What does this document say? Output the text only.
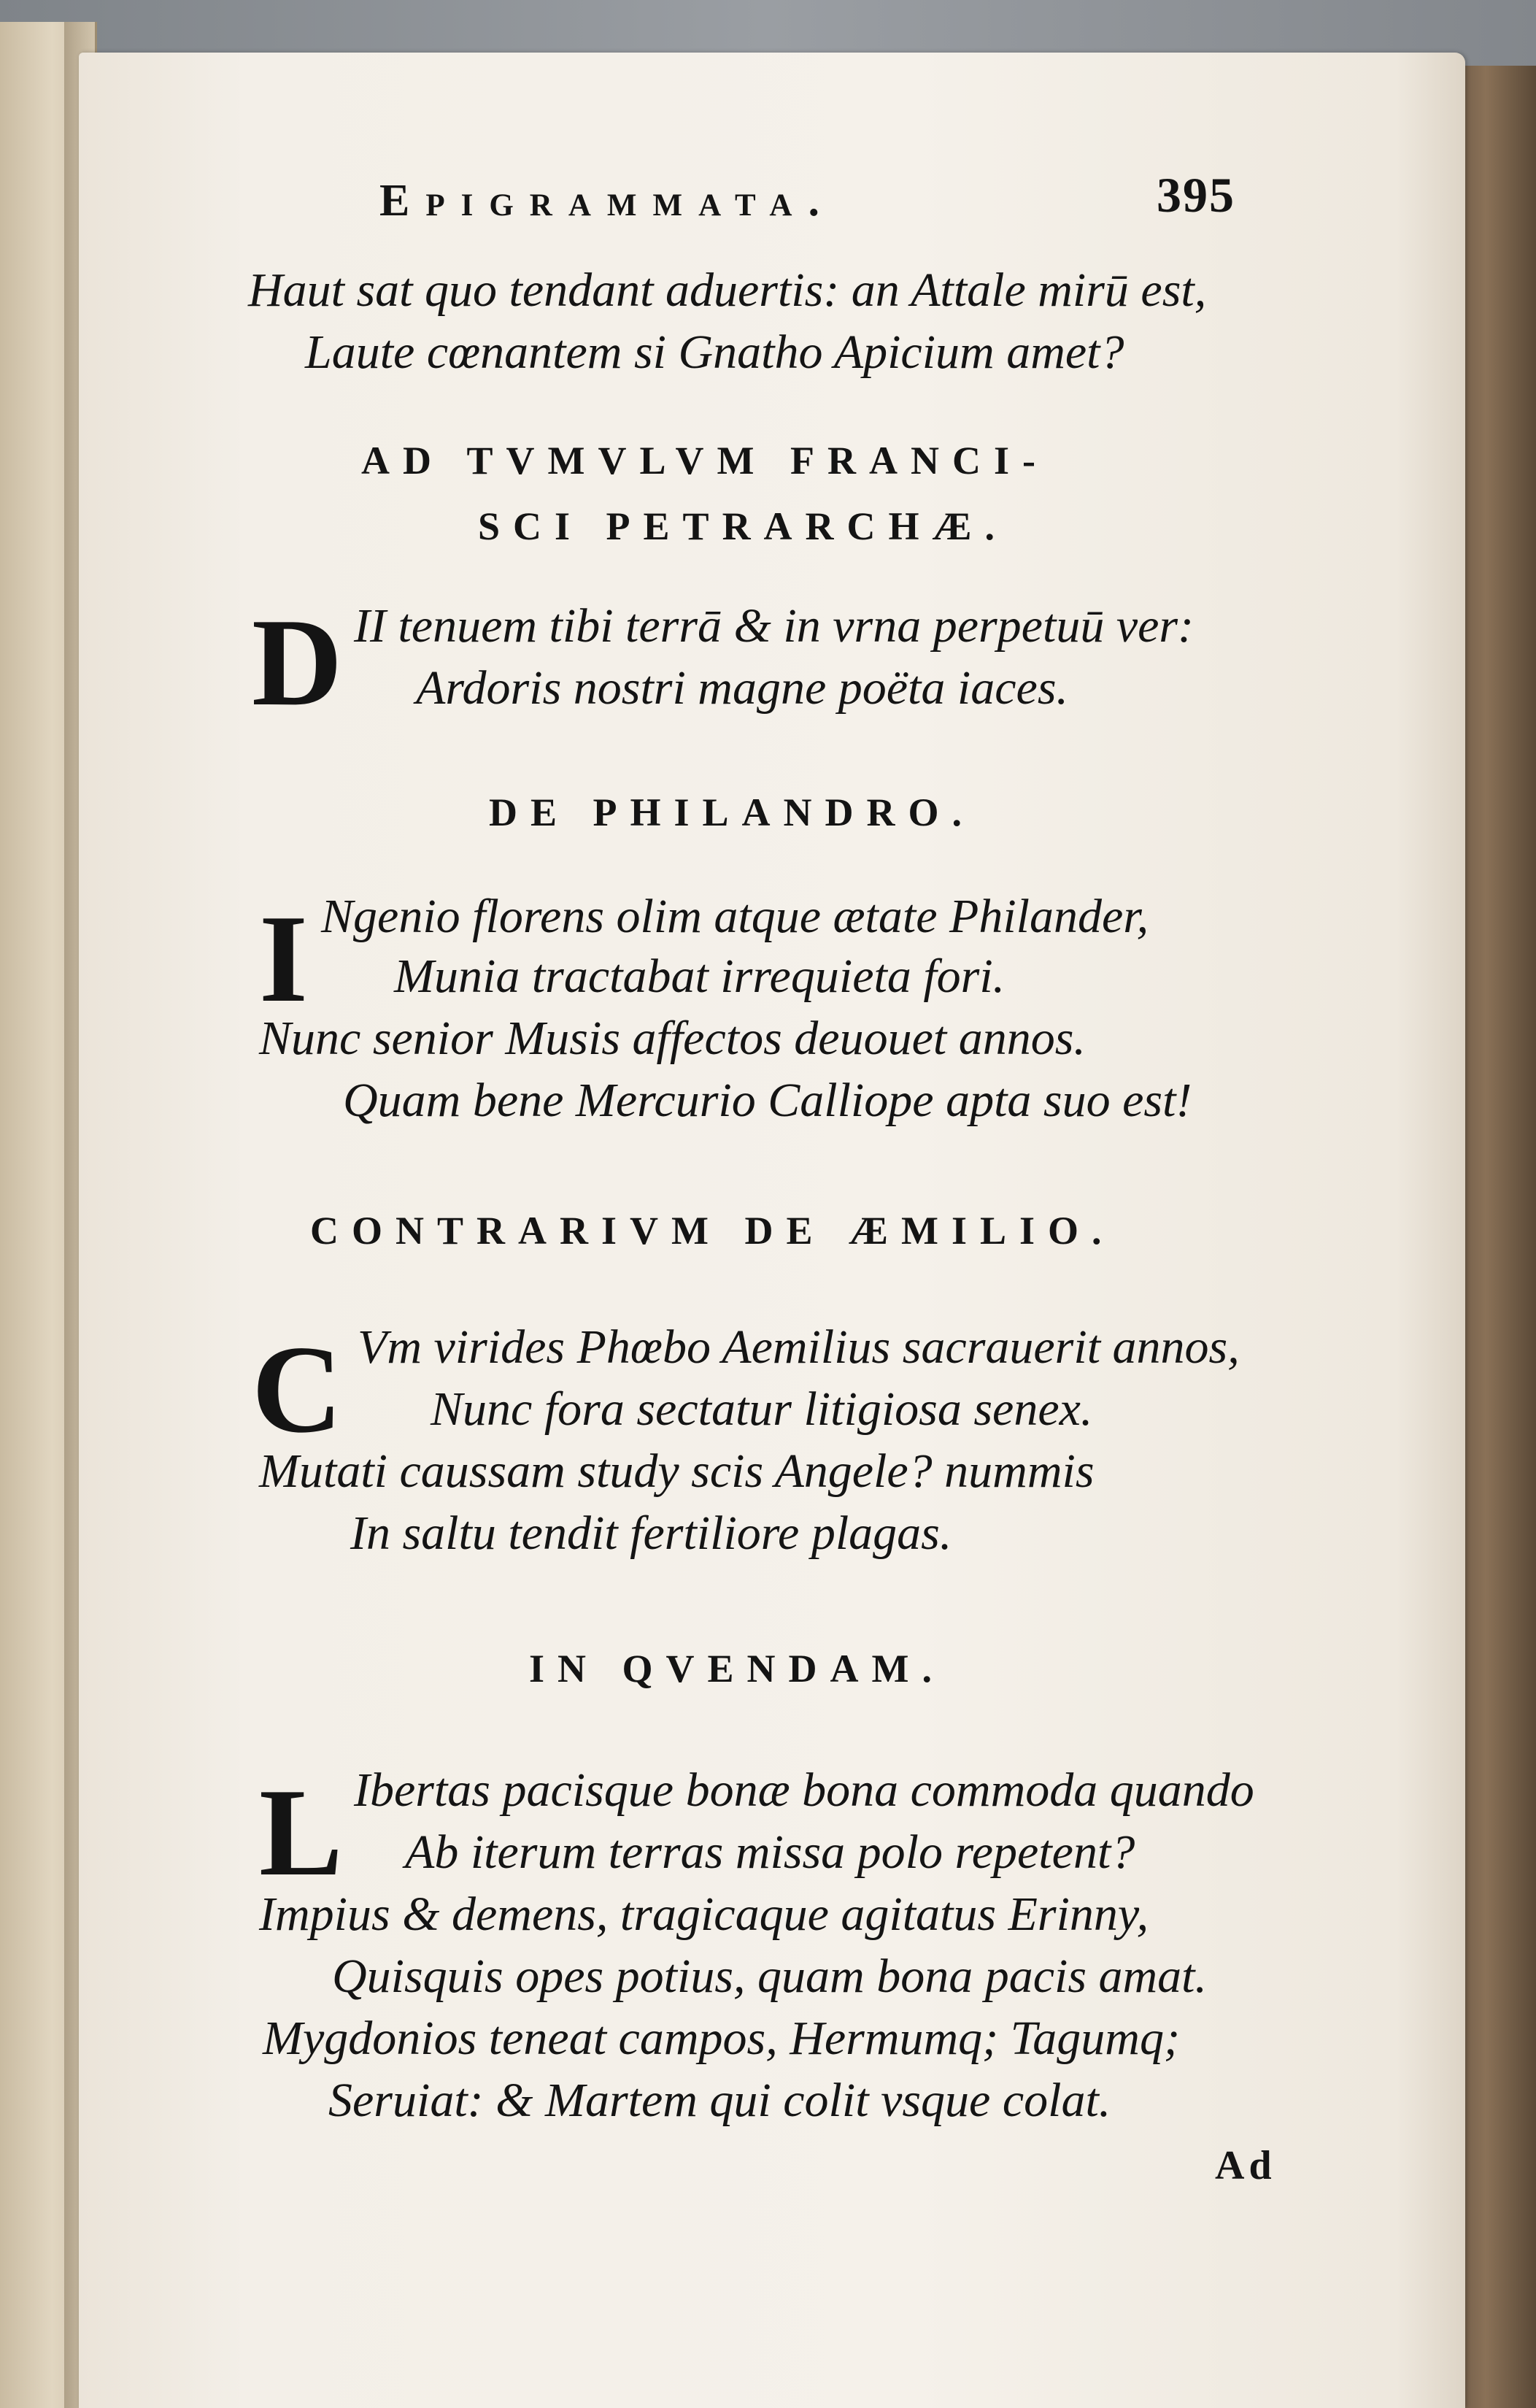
Epigrammata.	395
Haut sat quo tendant aduertis: an Attale mirū est,
Laute cœnantem si Gnatho Apicium amet?
AD TVMVLVM FRANCI-
SCI PETRARCHÆ.
D II tenuem tibi terrā & in vrna perpetuū ver:
Ardoris nostri magne poëta iaces.
DE PHILANDRO.
I Ngenio florens olim atque ætate Philander,
Munia tractabat irrequieta fori.
Nunc senior Musis affectos deuouet annos.
Quam bene Mercurio Calliope apta suo est!
CONTRARIVM DE ÆMILIO.
C Vm virides Phœbo Aemilius sacrauerit annos,
Nunc fora sectatur litigiosa senex.
Mutati caussam study scis Angele? nummis
In saltu tendit fertiliore plagas.
IN QVENDAM.
L Ibertas pacisque bonæ bona commoda quando
Ab iterum terras missa polo repetent?
Impius & demens, tragicaque agitatus Erinny,
Quisquis opes potius, quam bona pacis amat.
Mygdonios teneat campos, Hermumq; Tagumq;
Seruiat: & Martem qui colit vsque colat.
Ad
